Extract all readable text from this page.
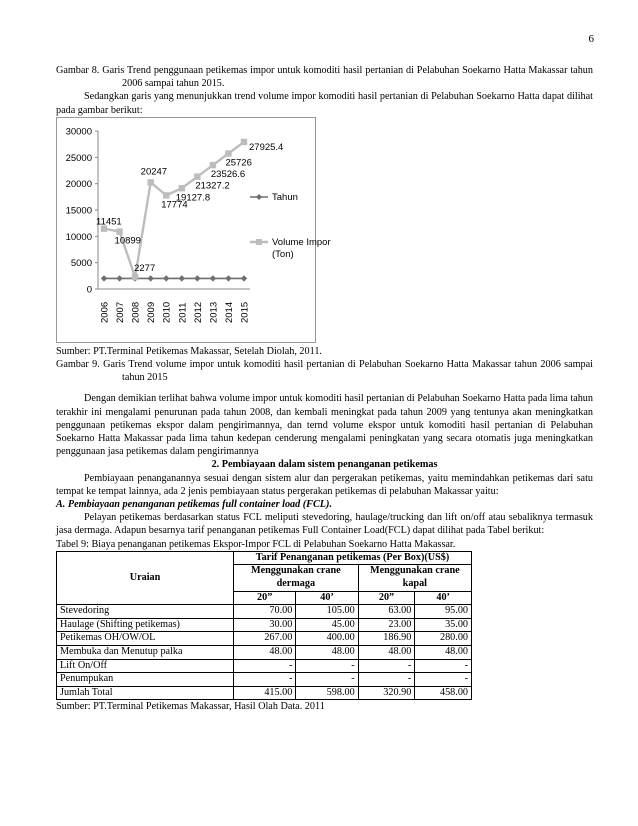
6

Gambar 8. Garis Trend penggunaan petikemas impor untuk komoditi hasil pertanian di Pelabuhan Soekarno Hatta Makassar tahun 2006 sampai tahun 2015.

Sedangkan garis yang menunjukkan trend volume impor komoditi hasil pertanian di Pelabuhan Soekarno Hatta dapat dilihat pada gambar berikut:

0
5000
10000
15000
20000
25000
30000
2006 2007 2008 2009 2010 2011 2012 2013 2014 2015
11451
10899
2277
20247
17774
19127.8
21327.2
23526.6
25726
27925.4
Tahun
Volume Impor
(Ton)

Sumber: PT.Terminal Petikemas Makassar, Setelah Diolah, 2011.

Gambar 9. Garis Trend volume impor untuk komoditi hasil pertanian di Pelabuhan Soekarno Hatta Makassar tahun 2006 sampai tahun 2015

Dengan demikian terlihat bahwa volume impor untuk komoditi hasil pertanian di Pelabuhan Soekarno Hatta pada lima tahun terakhir ini mengalami penurunan pada tahun 2008, dan kembali meningkat pada tahun 2009 yang tentunya akan meningkatkan penggunaan petikemas ekspor dalam pengirimannya, dan ternd volume ekspor untuk komoditi hasil pertanian di Pelabuhan Soekarno Hatta Makassar pada lima tahun kedepan cenderung mengalami peningkatan yang secara otomatis juga meningkatkan penggunaan jasa petikemas dalam pengirimannya

2. Pembiayaan dalam sistem penanganan petikemas

Pembiayaan penanganannya sesuai dengan sistem alur dan pergerakan petikemas, yaitu memindahkan petikemas dari satu tempat ke tempat lainnya, ada 2 jenis pembiayaan status pergerakan petikemas di pelabuhan Makassar yaitu:

A. Pembiayaan penanganan petikemas full container load (FCL).

Pelayan petikemas berdasarkan status FCL meliputi stevedoring, haulage/trucking dan lift on/off atau sebaliknya termasuk jasa dermaga. Adapun besarnya tarif penanganan petikemas Full Container Load(FCL) dapat dilihat pada Tabel berikut:

Tabel 9: Biaya penanganan petikemas Ekspor-Impor FCL di Pelabuhan Soekarno Hatta Makassar.

Uraian	Tarif Penanganan petikemas (Per Box)(US$)			
	Menggunakan crane dermaga		Menggunakan crane kapal	
	20”	40’	20”	40’
Stevedoring	70.00	105.00	63.00	95.00
Haulage (Shifting petikemas)	30.00	45.00	23.00	35.00
Petikemas OH/OW/OL	267.00	400.00	186.90	280.00
Membuka dan Menutup palka	48.00	48.00	48.00	48.00
Lift On/Off	-	-	-	-
Penumpukan	-	-	-	-
Jumlah Total	415.00	598.00	320.90	458.00

Sumber: PT.Terminal Petikemas Makassar, Hasil Olah Data. 2011
